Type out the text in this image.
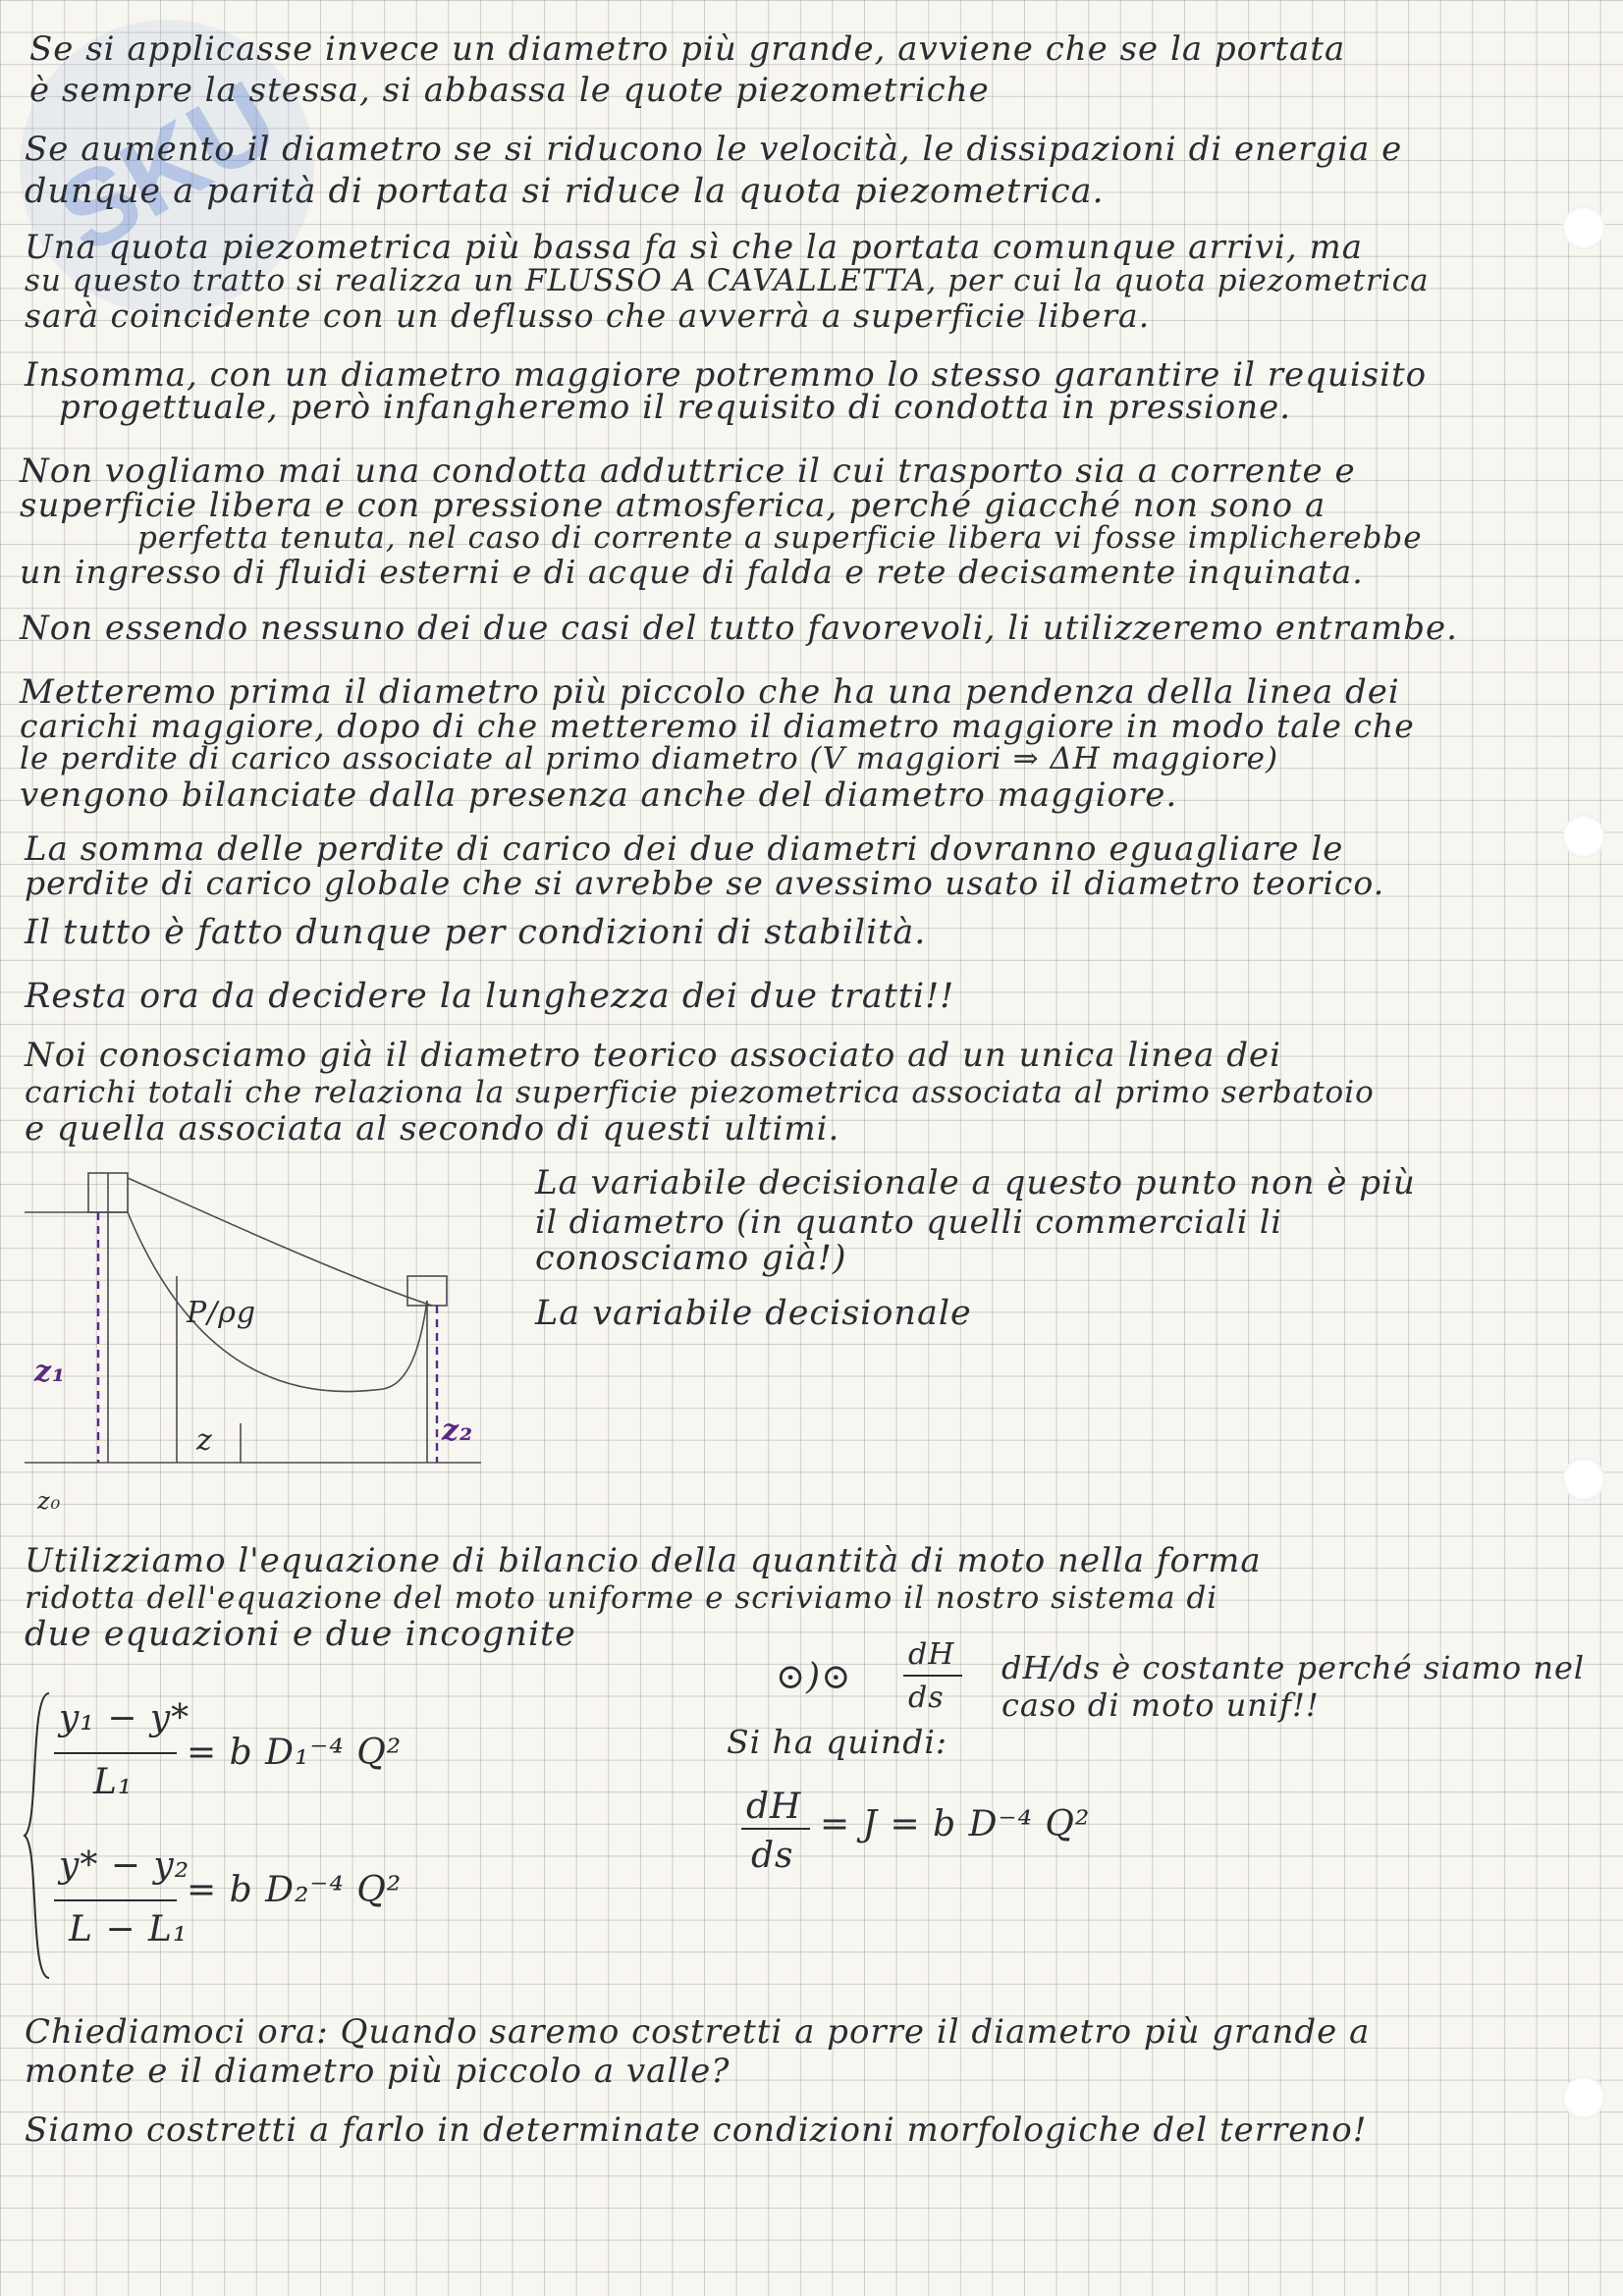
SKU

Se si applicasse invece un diametro più grande, avviene che se la portata

è sempre la stessa, si abbassa le quote piezometriche

Se aumento il diametro se si riducono le velocità, le dissipazioni di energia e

dunque a parità di portata si riduce la quota piezometrica.

Una quota piezometrica più bassa fa sì che la portata comunque arrivi, ma

su questo tratto si realizza un FLUSSO A CAVALLETTA, per cui la quota piezometrica

sarà coincidente con un deflusso che avverrà a superficie libera.

Insomma, con un diametro maggiore potremmo lo stesso garantire il requisito

progettuale, però infangheremo il requisito di condotta in pressione.

Non vogliamo mai una condotta adduttrice il cui trasporto sia a corrente e

superficie libera e con pressione atmosferica, perché giacché non sono a

perfetta tenuta, nel caso di corrente a superficie libera vi fosse implicherebbe

un ingresso di fluidi esterni e di acque di falda e rete decisamente inquinata.

Non essendo nessuno dei due casi del tutto favorevoli, li utilizzeremo entrambe.

Metteremo prima il diametro più piccolo che ha una pendenza della linea dei

carichi maggiore, dopo di che metteremo il diametro maggiore in modo tale che

le perdite di carico associate al primo diametro (V maggiori ⇒ ΔH maggiore)

vengono bilanciate dalla presenza anche del diametro maggiore.

La somma delle perdite di carico dei due diametri dovranno eguagliare le

perdite di carico globale che si avrebbe se avessimo usato il diametro teorico.

Il tutto è fatto dunque per condizioni di stabilità.

Resta ora da decidere la lunghezza dei due tratti!!

Noi conosciamo già il diametro teorico associato ad un unica linea dei

carichi totali che relaziona la superficie piezometrica associata al primo serbatoio

e quella associata al secondo di questi ultimi.

La variabile decisionale a questo punto non è più

il diametro (in quanto quelli commerciali li

conosciamo già!)

La variabile decisionale

P/ρg
z
z₁
z₂
z₀

Utilizziamo l'equazione di bilancio della quantità di moto nella forma

ridotta dell'equazione del moto uniforme e scriviamo il nostro sistema di

due equazioni e due incognite

y₁ − y*
L₁
= b D₁⁻⁴ Q²
y* − y₂
L − L₁
= b D₂⁻⁴ Q²
⊙)⊙
dH
ds

dH/ds è costante perché siamo nel

caso di moto unif!!

Si ha quindi:

dH
ds
= J = b D⁻⁴ Q²

Chiediamoci ora: Quando saremo costretti a porre il diametro più grande a

monte e il diametro più piccolo a valle?

Siamo costretti a farlo in determinate condizioni morfologiche del terreno!
